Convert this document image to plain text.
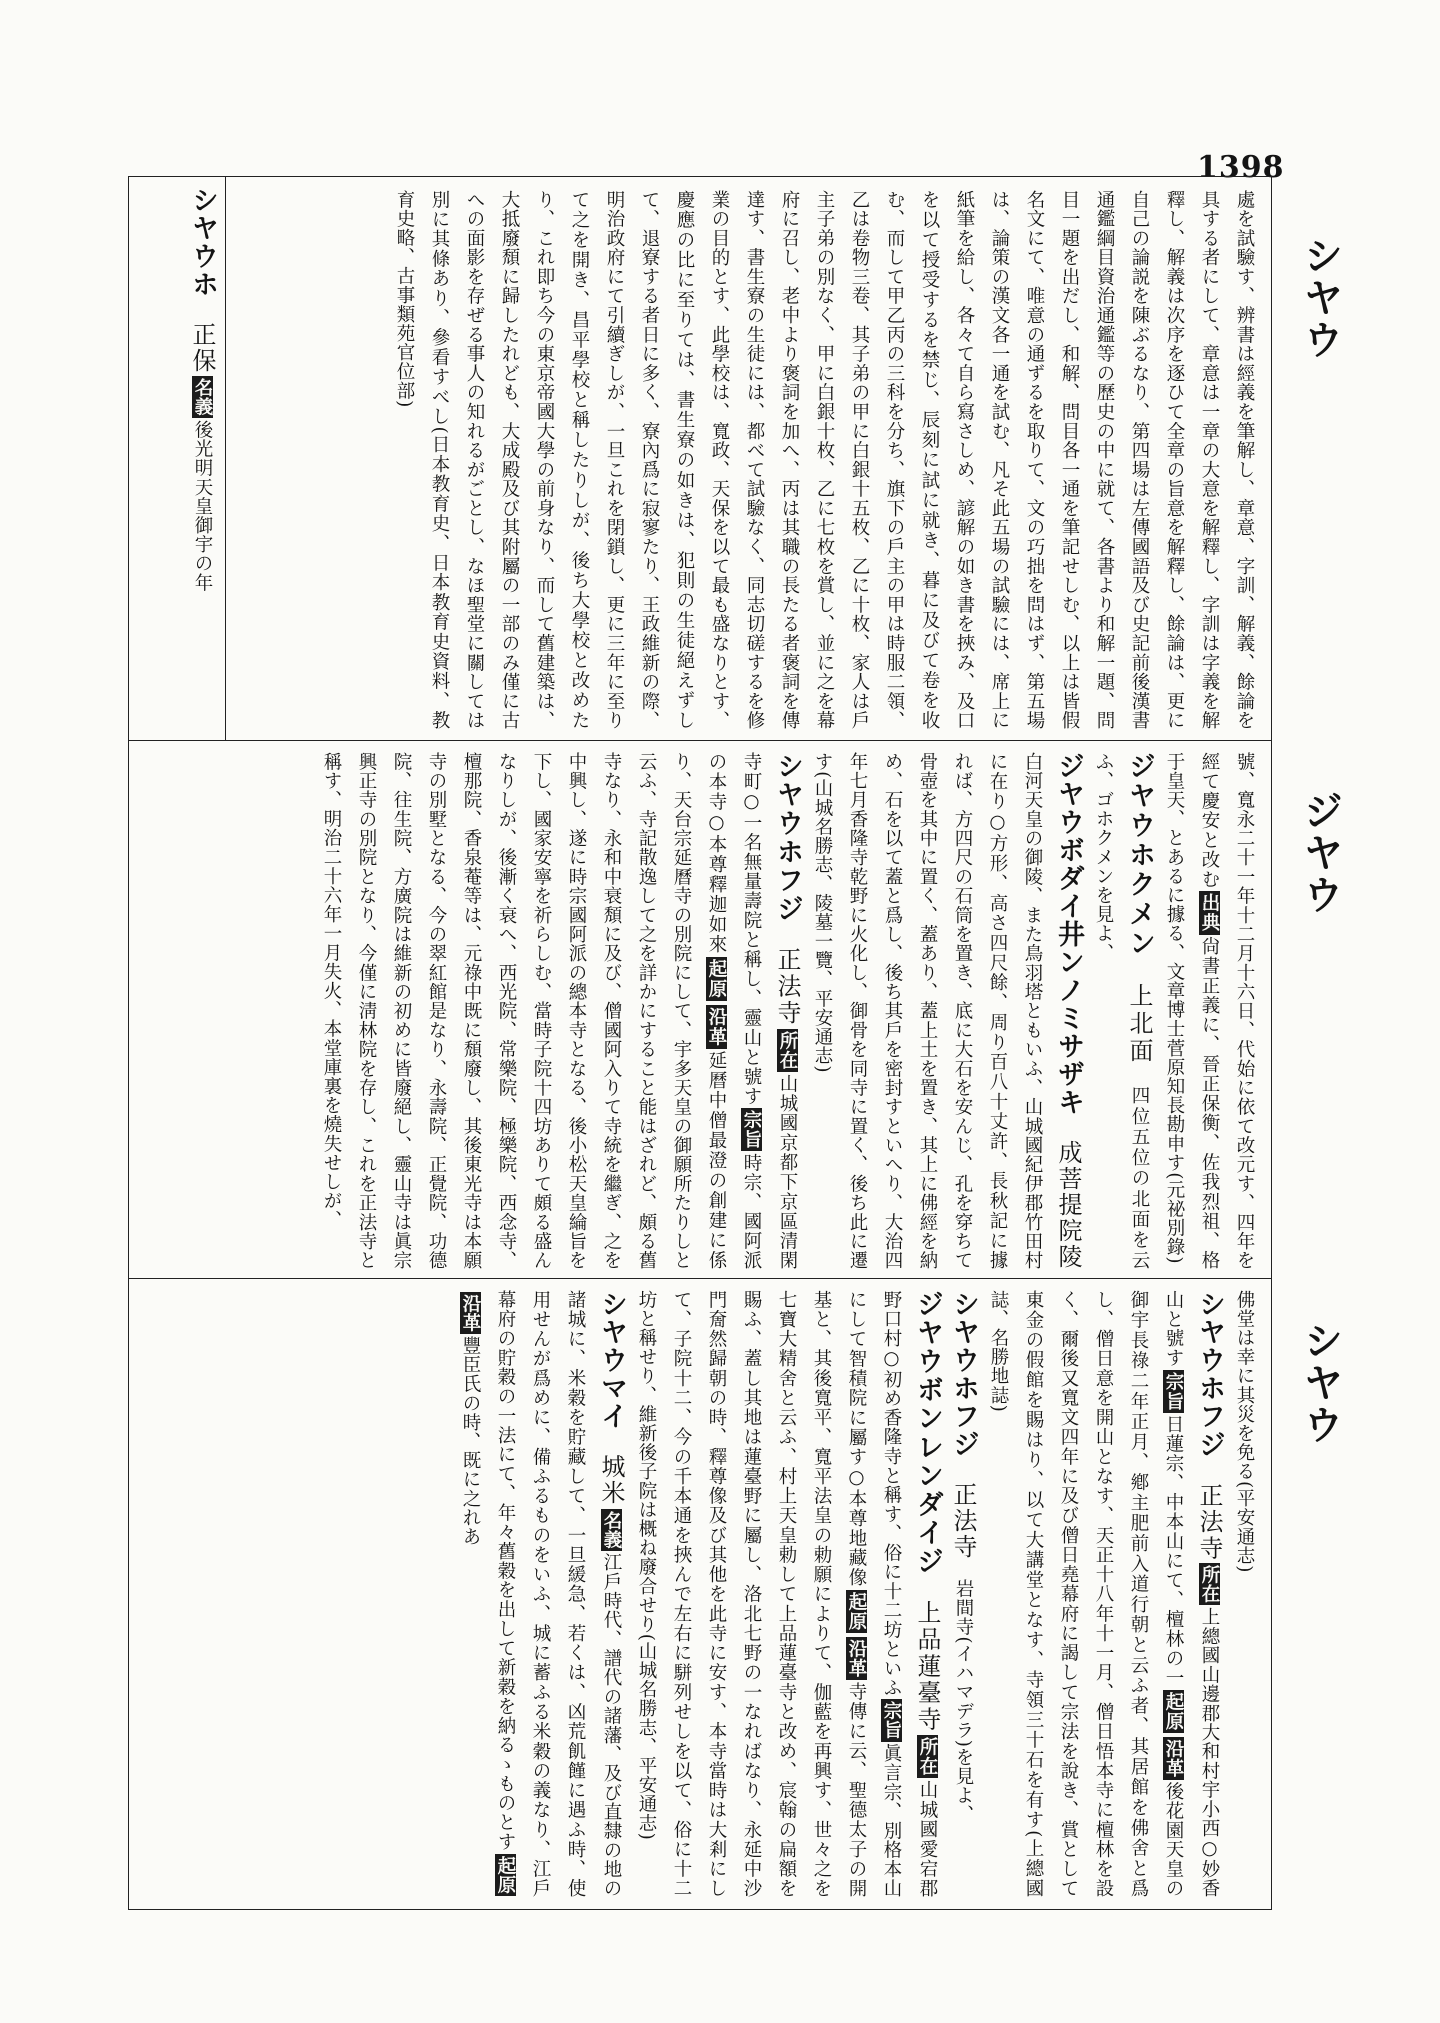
1398
シヤウ
ジヤウ
シヤウ

處を試驗す、辨書は經義を筆解し、章意、字訓、解義、餘論を具する者にして、章意は一章の大意を解釋し、字訓は字義を解釋し、解義は次序を逐ひて全章の旨意を解釋し、餘論は、更に自己の論説を陳ぶるなり、第四場は左傳國語及び史記前後漢書通鑑綱目資治通鑑等の歷史の中に就て、各書より和解一題、問目一題を出だし、和解、問目各一通を筆記せしむ、以上は皆假名文にて、唯意の通ずるを取りて、文の巧拙を問はず、第五場は、論策の漢文各一通を試む、凡そ此五場の試驗には、席上に紙筆を給し、各々て自ら寫さしめ、諺解の如き書を挾み、及口を以て授受するを禁じ、辰刻に試に就き、暮に及びて卷を收む、而して甲乙丙の三科を分ち、旗下の戶主の甲は時服二領、乙は卷物三卷、其子弟の甲に白銀十五枚、乙に十枚、家人は戶主子弟の別なく、甲に白銀十枚、乙に七枚を賞し、並に之を幕府に召し、老中より褒詞を加へ、丙は其職の長たる者褒詞を傳達す、書生寮の生徒には、都べて試驗なく、同志切磋するを修業の目的とす、此學校は、寬政、天保を以て最も盛なりとす、慶應の比に至りては、書生寮の如きは、犯則の生徒絕えずして、退寮する者日に多く、寮內爲に寂寥たり、王政維新の際、明治政府にて引續ぎしが、一旦これを閉鎖し、更に三年に至りて之を開き、昌平學校と稱したりしが、後ち大學校と改めたり、これ即ち今の東京帝國大學の前身なり、而して舊建築は、大抵廢頹に歸したれども、大成殿及び其附屬の一部のみ僅に古への面影を存ぜる事人の知れるがごとし、なほ聖堂に關しては別に其條あり、參看すべし(日本教育史、日本教育史資料、教育史略、古事類苑官位部)

シヤウホ正保名義後光明天皇御宇の年

號、寬永二十一年十二月十六日、代始に依て改元す、四年を經て慶安と改む出典尙書正義に、晉正保衡、佐我烈祖、格于皇天、とあるに據る、文章博士菅原知長勘申す(元祕別錄)

ジヤウホクメン上北面　四位五位の北面を云ふ、ゴホクメンを見よ、

ジヤウボダイ井ンノミサザキ成菩提院陵　白河天皇の御陵、また鳥羽塔ともいふ、山城國紀伊郡竹田村に在り○方形、高さ四尺餘、周り百八十丈許、長秋記に據れば、方四尺の石筒を置き、底に大石を安んじ、孔を穿ちて骨壺を其中に置く、蓋あり、蓋上土を置き、其上に佛經を納め、石を以て蓋と爲し、後ち其戶を密封すといへり、大治四年七月香隆寺乾野に火化し、御骨を同寺に置く、後ち此に遷す(山城名勝志、陵墓一覽、平安通志)

シヤウホフジ正法寺所在山城國京都下京區清閑寺町○一名無量壽院と稱し、靈山と號す宗旨時宗、國阿派の本寺○本尊釋迦如來起原沿革延曆中僧最澄の創建に係り、天台宗延曆寺の別院にして、宇多天皇の御願所たりしと云ふ、寺記散逸して之を詳かにすること能はざれど、頗る舊寺なり、永和中衰頽に及び、僧國阿入りて寺統を繼ぎ、之を中興し、遂に時宗國阿派の總本寺となる、後小松天皇綸旨を下し、國家安寧を祈らしむ、當時子院十四坊ありて頗る盛んなりしが、後漸く衰へ、西光院、常樂院、極樂院、西念寺、檀那院、香泉菴等は、元祿中既に頹廢し、其後東光寺は本願寺の別墅となる、今の翠紅館是なり、永壽院、正覺院、功德院、往生院、方廣院は維新の初めに皆廢絕し、靈山寺は眞宗興正寺の別院となり、今僅に淸林院を存し、これを正法寺と稱す、明治二十六年一月失火、本堂庫裏を燒失せしが、

佛堂は幸に其災を免る(平安通志)

シヤウホフジ正法寺所在上總國山邊郡大和村宇小西○妙香山と號す宗旨日蓮宗、中本山にて、檀林の一起原沿革後花園天皇の御宇長祿二年正月、鄕主肥前入道行朝と云ふ者、其居館を佛舍と爲し、僧日意を開山となす、天正十八年十一月、僧日悟本寺に檀林を設く、爾後又寬文四年に及び僧日堯幕府に謁して宗法を說き、賞として東金の假館を賜はり、以て大講堂となす、寺領三十石を有す(上總國誌、名勝地誌)

シヤウホフジ正法寺　岩間寺(イハマデラ)を見よ、

ジヤウボンレンダイジ上品蓮臺寺所在山城國愛宕郡野口村○初め香隆寺と稱す、俗に十二坊といふ宗旨眞言宗、別格本山にして智積院に屬す○本尊地藏像起原沿革寺傳に云、聖德太子の開基と、其後寬平、寬平法皇の勅願によりて、伽藍を再興す、世々之を七寶大精舍と云ふ、村上天皇勅して上品蓮臺寺と改め、宸翰の扁額を賜ふ、蓋し其地は蓮臺野に屬し、洛北七野の一なればなり、永延中沙門奝然歸朝の時、釋尊像及び其他を此寺に安す、本寺當時は大剎にして、子院十二、今の千本通を挾んで左右に駢列せしを以て、俗に十二坊と稱せり、維新後子院は概ね廢合せり(山城名勝志、平安通志)

シヤウマイ城米名義江戶時代、譜代の諸藩、及び直隸の地の諸城に、米穀を貯藏して、一旦緩急、若くは、凶荒飢饉に遇ふ時、使用せんが爲めに、備ふるものをいふ、城に蓄ふる米穀の義なり、江戶幕府の貯穀の一法にて、年々舊穀を出して新穀を納るゝものとす起原沿革豐臣氏の時、既に之れあ
